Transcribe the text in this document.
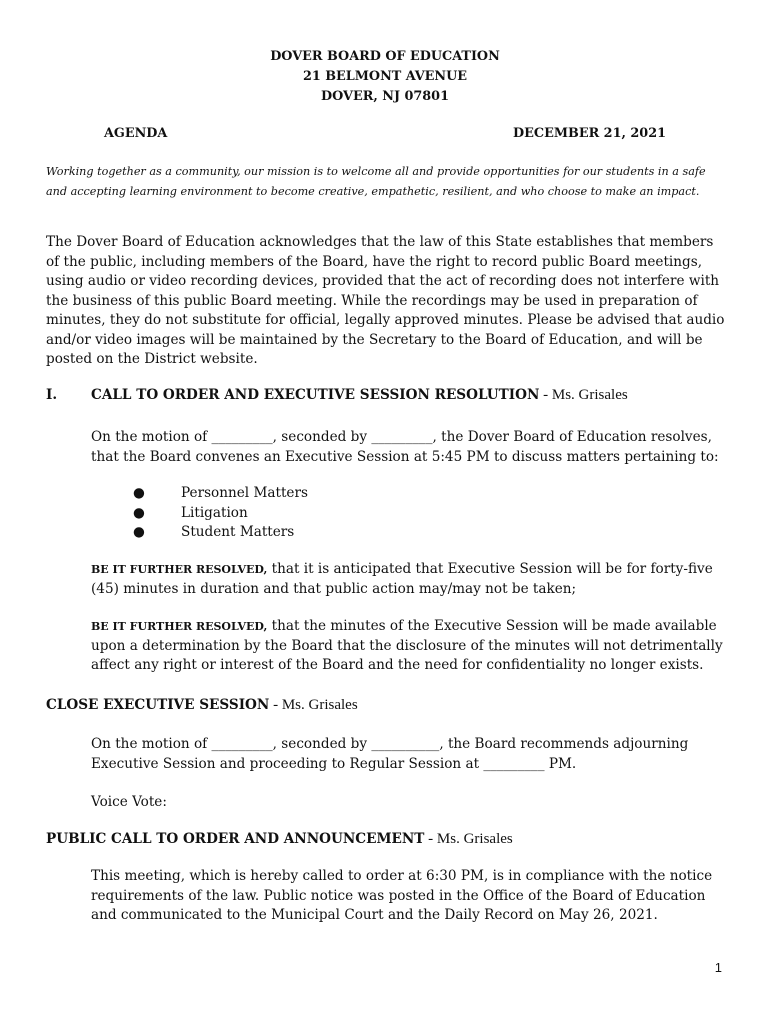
DOVER BOARD OF EDUCATION
21 BELMONT AVENUE
DOVER, NJ 07801
AGENDA	DECEMBER 21, 2021
Working together as a community, our mission is to welcome all and provide opportunities for our students in a safe and accepting learning environment to become creative, empathetic, resilient, and who choose to make an impact.
The Dover Board of Education acknowledges that the law of this State establishes that members of the public, including members of the Board, have the right to record public Board meetings, using audio or video recording devices, provided that the act of recording does not interfere with the business of this public Board meeting. While the recordings may be used in preparation of minutes, they do not substitute for official, legally approved minutes. Please be advised that audio and/or video images will be maintained by the Secretary to the Board of Education, and will be posted on the District website.
I. CALL TO ORDER AND EXECUTIVE SESSION RESOLUTION - Ms. Grisales
On the motion of _________, seconded by _________, the Dover Board of Education resolves, that the Board convenes an Executive Session at 5:45 PM to discuss matters pertaining to:
●	Personnel Matters
●	Litigation
●	Student Matters
BE IT FURTHER RESOLVED, that it is anticipated that Executive Session will be for forty-five (45) minutes in duration and that public action may/may not be taken;
BE IT FURTHER RESOLVED, that the minutes of the Executive Session will be made available upon a determination by the Board that the disclosure of the minutes will not detrimentally affect any right or interest of the Board and the need for confidentiality no longer exists.
CLOSE EXECUTIVE SESSION - Ms. Grisales
On the motion of _________, seconded by __________, the Board recommends adjourning Executive Session and proceeding to Regular Session at _________ PM.
Voice Vote:
PUBLIC CALL TO ORDER AND ANNOUNCEMENT - Ms. Grisales
This meeting, which is hereby called to order at 6:30 PM, is in compliance with the notice requirements of the law. Public notice was posted in the Office of the Board of Education and communicated to the Municipal Court and the Daily Record on May 26, 2021.
1
